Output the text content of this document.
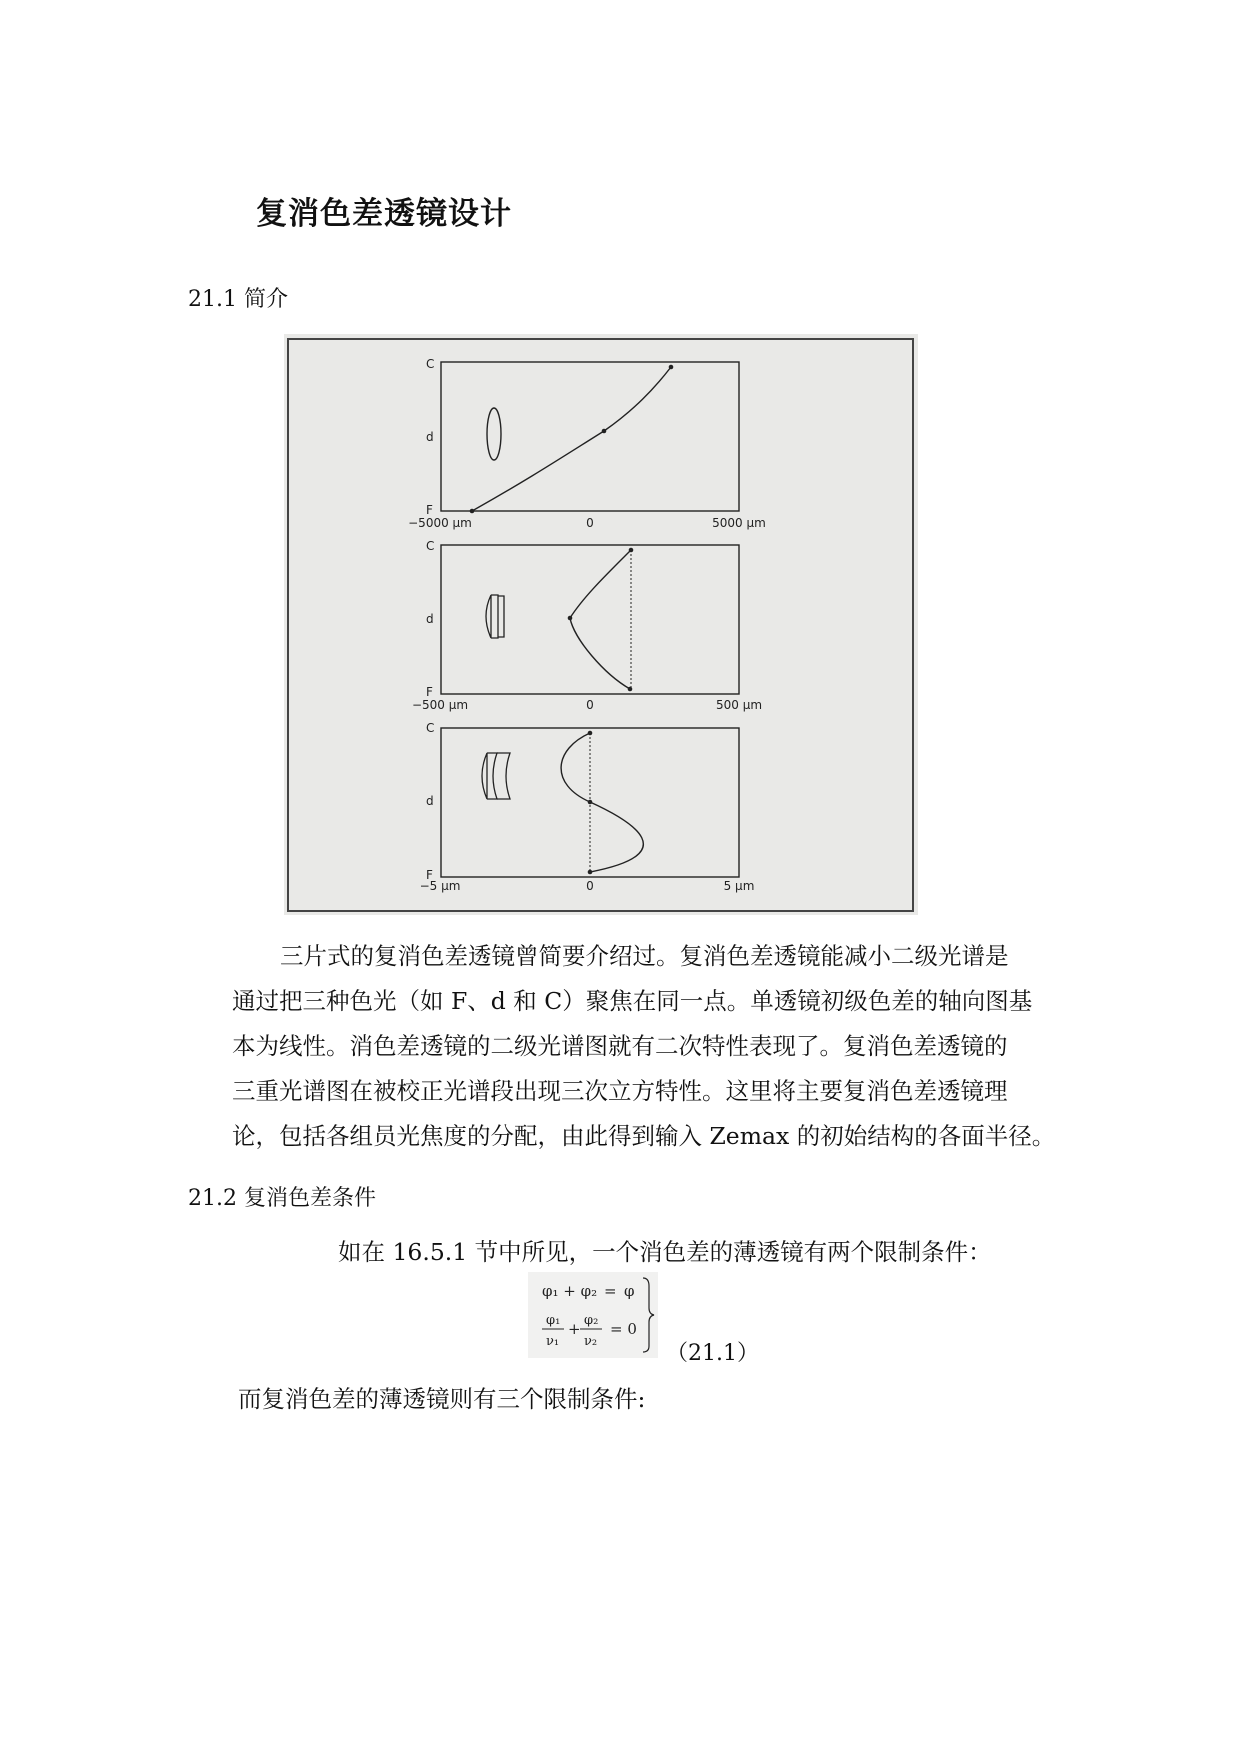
复消色差透镜设计
21.1 简介
C
d
F
−5000 µm	0	5000 µm
C
d
F
−500 µm	0	500 µm
C
d
F
−5 µm	0	5 µm
三片式的复消色差透镜曾简要介绍过。复消色差透镜能减小二级光谱是
通过把三种色光（如 F、d 和 C）聚焦在同一点。单透镜初级色差的轴向图基
本为线性。消色差透镜的二级光谱图就有二次特性表现了。复消色差透镜的
三重光谱图在被校正光谱段出现三次立方特性。这里将主要复消色差透镜理
论，包括各组员光焦度的分配，由此得到输入 Zemax 的初始结构的各面半径。
21.2 复消色差条件
如在 16.5.1 节中所见，一个消色差的薄透镜有两个限制条件：
φ₁ + φ₂ = φ
φ₁
ν₁
+ φ₂
ν₂
= 0
（21.1）
而复消色差的薄透镜则有三个限制条件:
